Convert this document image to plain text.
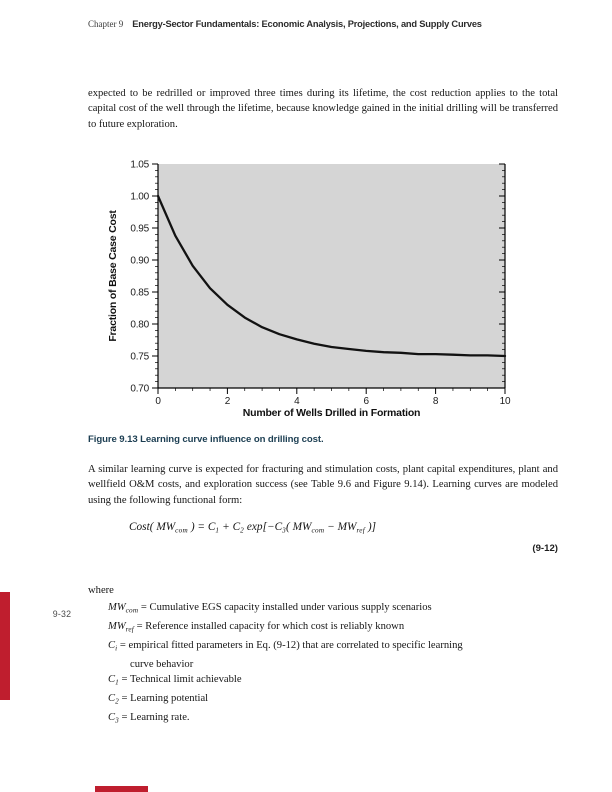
Chapter 9 Energy-Sector Fundamentals: Economic Analysis, Projections, and Supply Curves
expected to be redrilled or improved three times during its lifetime, the cost reduction applies to the total capital cost of the well through the lifetime, because knowledge gained in the initial drilling will be transferred to future exploration.
0.70
0.75
0.80
0.85
0.90
0.95
1.00
1.05
0	2	4	6	8	10
Number of Wells Drilled in Formation
Fraction of Base Case Cost
Figure 9.13 Learning curve influence on drilling cost.
A similar learning curve is expected for fracturing and stimulation costs, plant capital expenditures, plant and wellfield O&M costs, and exploration success (see Table 9.6 and Figure 9.14). Learning curves are modeled using the following functional form:
Cost( $MW_{com}$ ) = $C_1 + C_2$ $\exp[-C_3$( $MW_{com} - MW_{ref}$ )]
(9-12)
where
$MW_{com}$ = Cumulative EGS capacity installed under various supply scenarios
$MW_{ref}$ = Reference installed capacity for which cost is reliably known
$C_i$ = empirical fitted parameters in Eq. (9-12) that are correlated to specific learning
curve behavior
$C_1$ = Technical limit achievable
$C_2$ = Learning potential
$C_3$ = Learning rate.
9-32
